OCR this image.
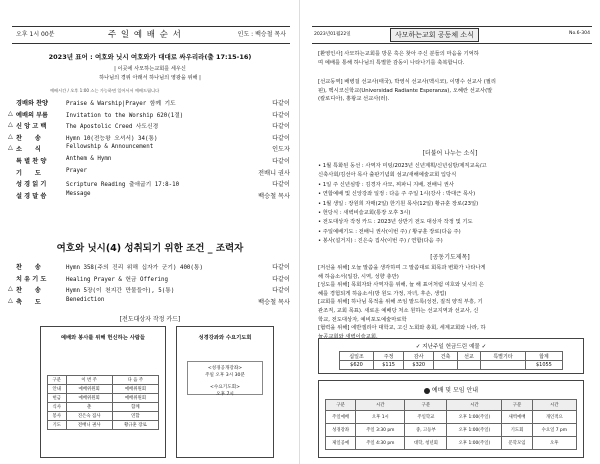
오후 1시 00분	주 일 예 배 순 서	인도 : 백승철 목사
2023년 표어 : 여호와 닛시 여호와가 대대로 싸우리라(출 17:15-16)
| 이곳에 사모하는교회를 세우신
하나님의 경위 아래서 하나님의 영광을 위해 |
예배시간 / 오후 1:00 스는 가능하면 일어서서 예배드립니다
경배와 찬양	Praise & Warship|Prayer 함께 기도	다같이
△ 예배의 부름	Invitation to the Worship 620(1절)	다같이
△ 신 앙 고 백	The Apostolic Creed 사도신경	다같이
△ 찬      송	Hymn 10(전능왕 오셔서) 34(통)	다같이
△ 소      식	Fellowship & Announcement	인도자
특 별 찬 양	Anthem & Hymn	다같이
기      도	Prayer	전배니 권사
성 경 읽 기	Scripture Reading 출애굽기 17:8-10	다같이
설 경 말 씀	Message	백승철 목사
여호와 닛시(4) 성취되기 위한 조건 _ 조력자
찬      송	Hymn 358(주의 진리 위해 십자가 군기) 400(통)	다같이
치 유 기 도	Healing Prayer & 헌금 Offering	다같이
△ 찬      송	Hymn 5장(이 천지간 만물들아), 5(통)	다같이
△ 축      도	Benediction	백승철 목사
[전도대상자 작정 카드]
예배와 봉사를 위해 헌신하는 사람들
구분	이 번 주	다 음 주
안내	예배위원회	예배위원회
헌금	예배위원회	예배위원회
식사	춘	함께
봉사	진은숙 집사	연합
기도	전배니 권사	황규훈 장로
성경강좌와 수요기도회
<성경공개강좌>
주일 오후 3시 30분
<수요기도회>
오후 7시
2023년01월22일	사모하는교회 공동체 소식	No.6-304
[환영인사] 사모하는교회를 방문 혹은 찾아 주신 분들의 마음을 기억하
며 예배를 통해 하나님의 특별한 감동이 나타나기를 축복합니다.
[선교동역] 배병걸 선교사(태국), 박영식 선교사(멕시코), 이명수 선교사 (필리
핀), 멕시코신학교(Universidad Radiante Esperanza), 오혜란 선교사(말
(칼로디아), 홍왕교 선교사(러).
[더불어 나누는 소식]
• 1월 특화된 동선 : 사역자 미팅/2023년 신년계획/신년심방/제직교육/고
신축사회/김선아 목사 출판기념회 섬교/새해예술교회 입당식
• 1일 주 신년심방 : 김경자 사모, 찌파니 지배, 전배니 권사
• 연합예배 및 신앙강좌 일정 : 다음 주 주일 1시(강사 : 박대근 목사)
• 1월 생일 : 장원희 자매(2일) 한기원 목사(12일) 황규훈 장로(23일)
• 헌당식 : 새벽비슬교회(통장 오후 3시)
• 전도대상자 작정 카드 : 2023년 상반기 전도 대상자 작정 및 기도
• 주일예배기도 : 전배니 권사(이번 주) / 황규훈 장로(다음 주)
• 봉사(설거지) : 진은숙 집사(이번 주) / 연합(다음 주)
[공동기도제목]
[저선을 위해] 오늘 말씀을 생각하며 그 말씀대로 회목과 변화가 나타나게
해 하옵소서(일감, 시역, 성향 총만)
[성도를 위해] 목회자와 사역자를 위해, 늘 해 표어처럼 여호와 닛시의 은
혜를 경험되게 하옵소서(방 원도 가정, 자녀, 후손, 생업)
[교회를 위해] 하나님 목적을 위해 쓰임 맡드록(성전, 질적 양적 부흥, 기
관조직, 교회 목표). 새로운 예배당 처소 원하는 선교지역과 선교사, 신
학교, 전도대상자, 예비포도예술마로학
[협력을 위해] 에반겔리아 대학교, 고신 노회와 총회, 세계교회와 나라, 하
늘공교회와 새벽이슬교회.
✓ 지난주일 헌금드린 예물 ✓
십일조	주정	감사	건축	선교	특별기타	합계
$620	$115	$320				$1055
예배 및 모임 안내
구분	시간	구분	시간	구분	시간
주일예배	오후 1시	주일학교	오후 1:00(주일)	새벽예배	개인적으
성경강좌	주일 3:30 pm	중, 고등부	오후 1:00(주일)	기도회	수요일 7 pm
제일공예	주일 4:30 pm	대학, 청년회	오후 1:00(주일)	문학모임	오후
